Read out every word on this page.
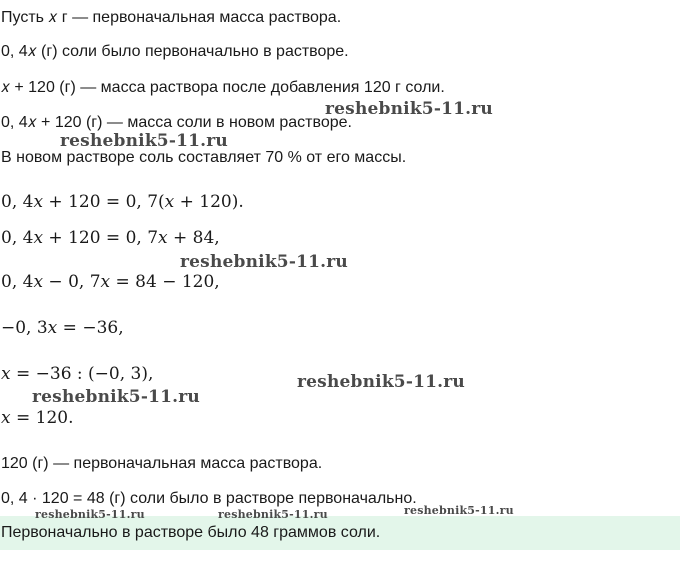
Пусть 𝑥 г — первоначальная масса раствора.
0, 4𝑥 (г) соли было первоначально в растворе.
𝑥 + 120 (г) — масса раствора после добавления 120 г соли.
0, 4𝑥 + 120 (г) — масса соли в новом растворе.
В новом растворе соль составляет 70 % от его массы.
0, 4𝑥 + 120 = 0, 7(𝑥 + 120).
0, 4𝑥 + 120 = 0, 7𝑥 + 84,
0, 4𝑥 − 0, 7𝑥 = 84 − 120,
−0, 3𝑥 = −36,
𝑥 = −36 : (−0, 3),
𝑥 = 120.
120 (г) — первоначальная масса раствора.
0, 4 · 120 = 48 (г) соли было в растворе первоначально.
Первоначально в растворе было 48 граммов соли.
reshebnik5-11.ru
reshebnik5-11.ru
reshebnik5-11.ru
reshebnik5-11.ru
reshebnik5-11.ru
reshebnik5-11.ru	reshebnik5-11.ru	reshebnik5-11.ru
